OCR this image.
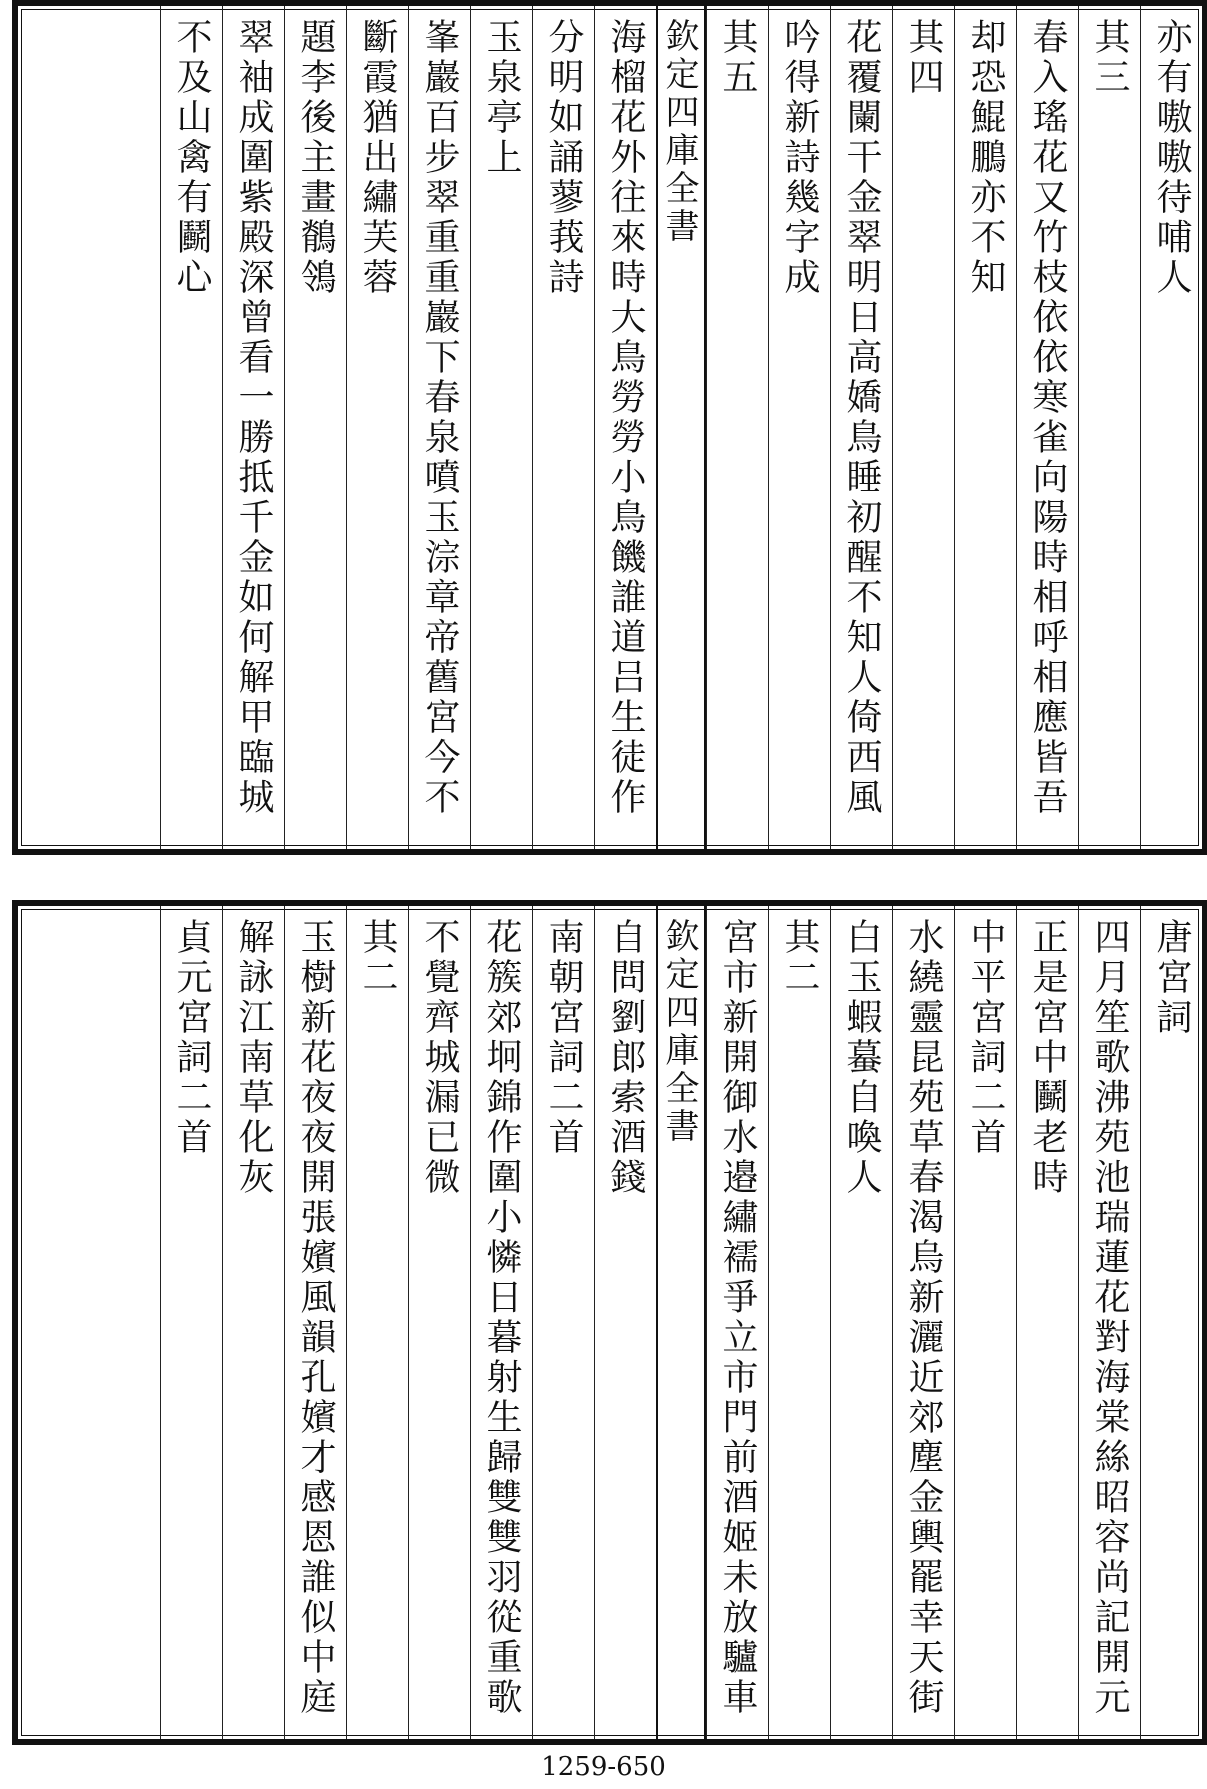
亦有嗷嗷待哺人
其三
春入瑤花又竹枝依依寒雀向陽時相呼相應皆吾
却恐鯤鵬亦不知
其四
花覆闌干金翠明日高嬌鳥睡初醒不知人倚西風
吟得新詩幾字成
其五
欽定四庫全書
海榴花外往來時大鳥勞勞小鳥饑誰道吕生徒作
分明如誦蓼莪詩
玉泉亭上
峯巖百步翠重重巖下春泉噴玉淙章帝舊宮今不
斷霞猶出繡芙蓉
題李後主畫鶺鴒
翠袖成圍紫殿深曾看一勝抵千金如何解甲臨城
不及山禽有鬬心
唐宮詞
四月笙歌沸苑池瑞蓮花對海棠絲昭容尚記開元
正是宮中鬭老時
中平宮詞二首
水繞靈昆苑草春渴烏新灑近郊塵金輿罷幸天街
白玉蝦蟇自喚人
其二
宮市新開御水邉繡襦爭立市門前酒姬未放驢車
欽定四庫全書
自問劉郎索酒錢
南朝宮詞二首
花簇郊坰錦作圍小憐日暮射生歸雙雙羽從重歌
不覺齊城漏已微
其二
玉樹新花夜夜開張嬪風韻孔嬪才感恩誰似中庭
解詠江南草化灰
貞元宮詞二首
1259-650
